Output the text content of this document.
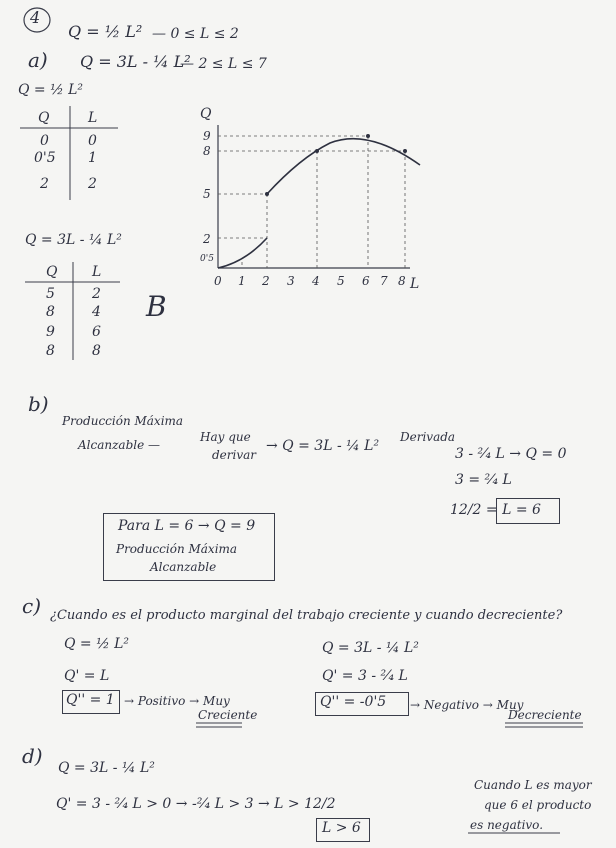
4
Q = ½ L² — 0 ≤ L ≤ 2
a) Q = 3L - ¼ L²
— 2 ≤ L ≤ 7
Q = ½ L²
Q	L
0	0
0'5 1
2	2
Q = 3L - ¼ L²
Q L
5	2
8	4
9	6
8	8
B
Q
L
9
8
5
2
0'5
0 1 2 3 4 5 6 7 8
b)
Producción Máxima
Alcanzable —
Hay que
derivar
→ Q = 3L - ¼ L²
Derivada
3 - ²⁄₄ L → Q = 0
3 = ²⁄₄ L
12/2 = L = 6
Para L = 6 → Q = 9
Producción Máxima
Alcanzable
c) ¿Cuando es el producto marginal del trabajo creciente y cuando decreciente?
Q = ½ L²
Q' = L
Q'' = 1 → Positivo → Muy
Creciente
Q = 3L - ¼ L²
Q' = 3 - ²⁄₄ L
Q'' = -0'5 → Negativo → Muy
Decreciente
d) Q = 3L - ¼ L²
Q' = 3 - ²⁄₄ L > 0 → -²⁄₄ L > 3 → L > 12/2
L > 6
Cuando L es mayor
que 6 el producto
es negativo.
